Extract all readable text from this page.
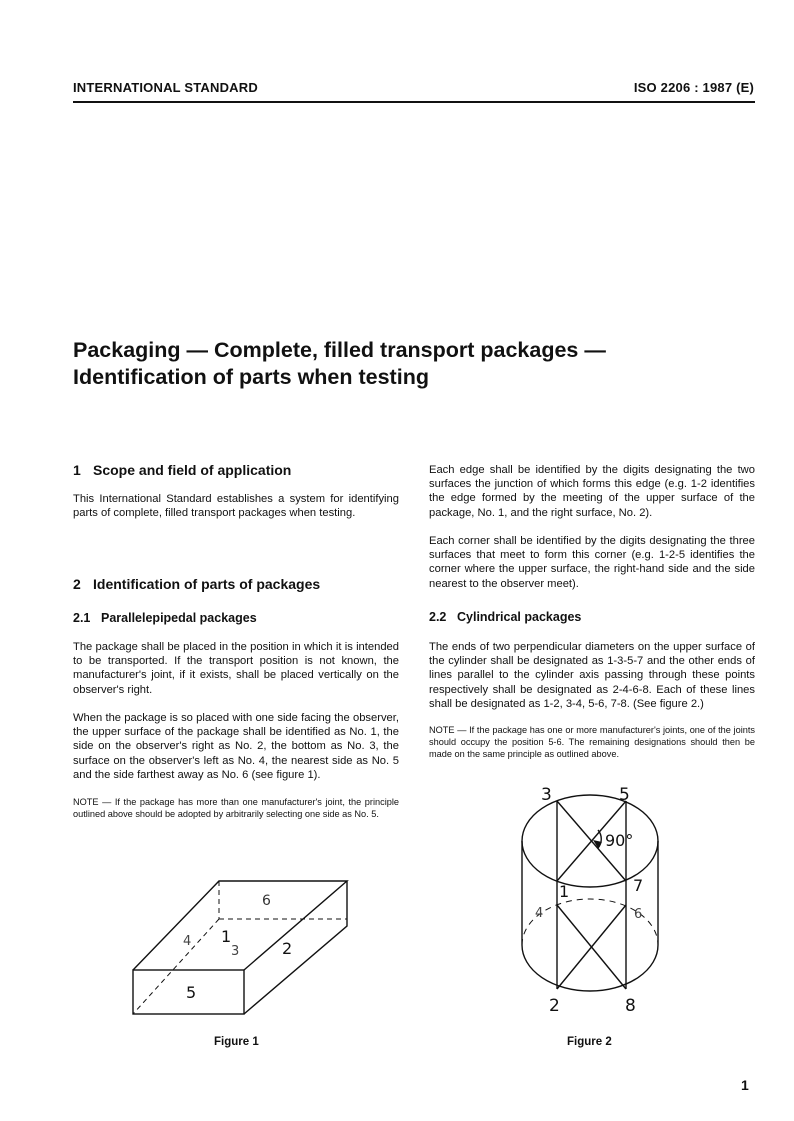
INTERNATIONAL STANDARD	ISO 2206 : 1987 (E)
Packaging — Complete, filled transport packages —
Identification of parts when testing
1 Scope and field of application

This International Standard establishes a system for identifying parts of complete, filled transport packages when testing.

2 Identification of parts of packages
2.1 Parallelepipedal packages

The package shall be placed in the position in which it is intended to be transported. If the transport position is not known, the manufacturer's joint, if it exists, shall be placed vertically on the observer's right.

When the package is so placed with one side facing the observer, the upper surface of the package shall be identified as No. 1, the side on the observer's right as No. 2, the bottom as No. 3, the surface on the observer's left as No. 4, the nearest side as No. 5 and the side farthest away as No. 6 (see figure 1).

NOTE — If the package has more than one manufacturer's joint, the principle outlined above should be adopted by arbitrarily selecting one side as No. 5.

Each edge shall be identified by the digits designating the two surfaces the junction of which forms this edge (e.g. 1-2 identifies the edge formed by the meeting of the upper surface of the package, No. 1, and the right surface, No. 2).

Each corner shall be identified by the digits designating the three surfaces that meet to form this corner (e.g. 1-2-5 identifies the corner where the upper surface, the right-hand side and the side nearest to the observer meet).

2.2 Cylindrical packages

The ends of two perpendicular diameters on the upper surface of the cylinder shall be designated as 1-3-5-7 and the other ends of lines parallel to the cylinder axis passing through these points respectively shall be designated as 2-4-6-8. Each of these lines shall be designated as 1-2, 3-4, 5-6, 7-8. (See figure 2.)

NOTE — If the package has one or more manufacturer's joints, one of the joints should occupy the position 5-6. The remaining designations should then be made on the same principle as outlined above.

6
4 1
3	2
5
Figure 1
3	5
90°
1	7
4	6
2	8
Figure 2
1
